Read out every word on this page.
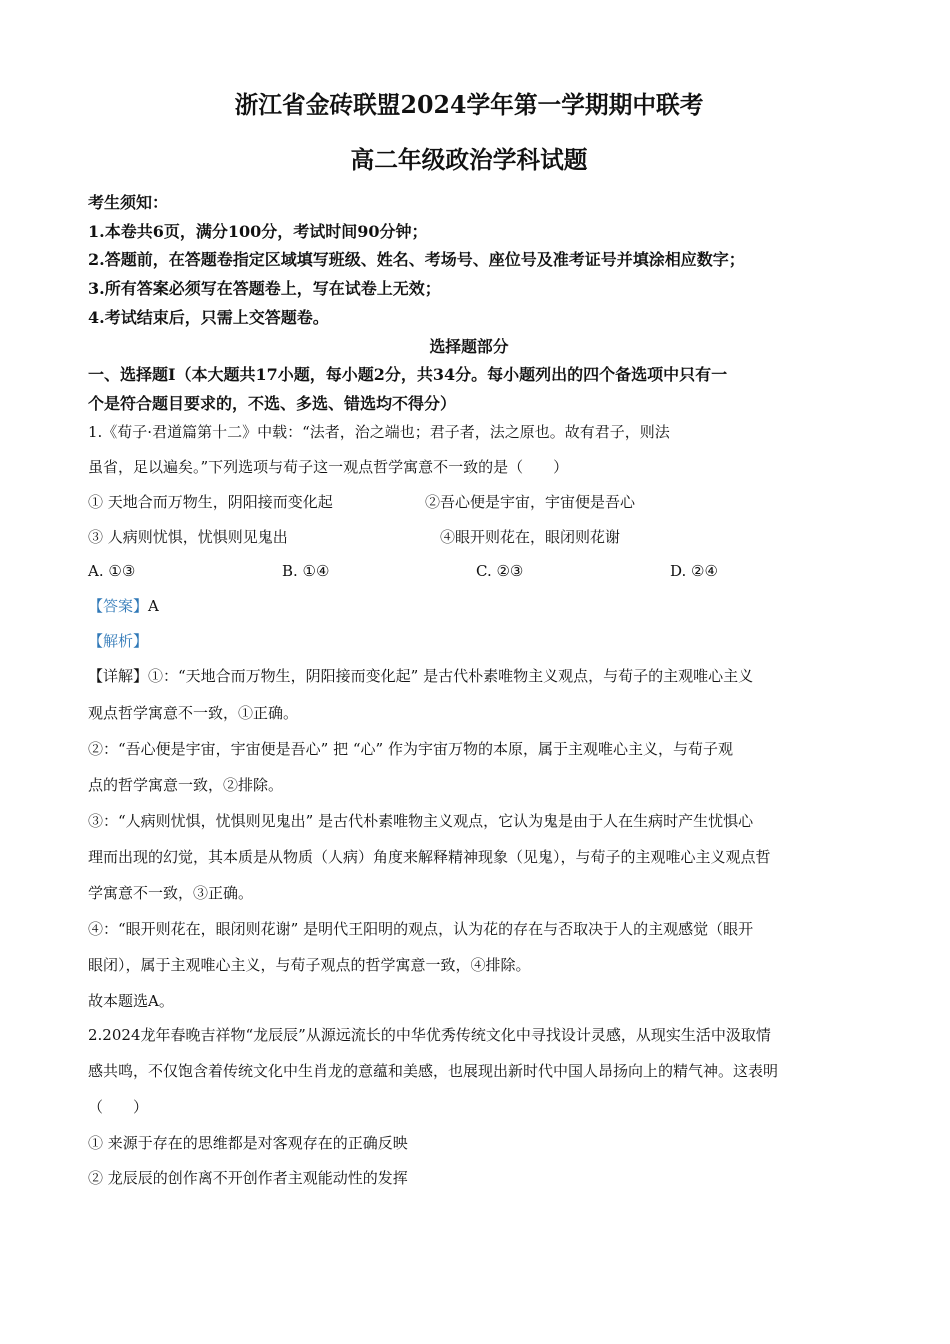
浙江省金砖联盟2024学年第一学期期中联考
高二年级政治学科试题
考生须知：
1.本卷共6页，满分100分，考试时间90分钟；
2.答题前，在答题卷指定区域填写班级、姓名、考场号、座位号及准考证号并填涂相应数字；
3.所有答案必须写在答题卷上，写在试卷上无效；
4.考试结束后，只需上交答题卷。
选择题部分
一、选择题Ⅰ（本大题共17小题，每小题2分，共34分。每小题列出的四个备选项中只有一
个是符合题目要求的，不选、多选、错选均不得分）
1.《荀子·君道篇第十二》中载：“法者，治之端也；君子者，法之原也。故有君子，则法
虽省，足以遍矣。”下列选项与荀子这一观点哲学寓意不一致的是（　　）
① 天地合而万物生，阴阳接而变化起	②吾心便是宇宙，宇宙便是吾心
③ 人病则忧惧，忧惧则见鬼出	④眼开则花在，眼闭则花谢
A. ①③	B. ①④	C. ②③	D. ②④
【答案】A
【解析】
【详解】①：“天地合而万物生，阴阳接而变化起” 是古代朴素唯物主义观点，与荀子的主观唯心主义
观点哲学寓意不一致，①正确。
②：“吾心便是宇宙，宇宙便是吾心” 把 “心” 作为宇宙万物的本原，属于主观唯心主义，与荀子观
点的哲学寓意一致，②排除。
③：“人病则忧惧，忧惧则见鬼出” 是古代朴素唯物主义观点，它认为鬼是由于人在生病时产生忧惧心
理而出现的幻觉，其本质是从物质（人病）角度来解释精神现象（见鬼），与荀子的主观唯心主义观点哲
学寓意不一致，③正确。
④：“眼开则花在，眼闭则花谢” 是明代王阳明的观点，认为花的存在与否取决于人的主观感觉（眼开
眼闭），属于主观唯心主义，与荀子观点的哲学寓意一致，④排除。
故本题选A。
2.2024龙年春晚吉祥物“龙辰辰”从源远流长的中华优秀传统文化中寻找设计灵感，从现实生活中汲取情
感共鸣，不仅饱含着传统文化中生肖龙的意蕴和美感，也展现出新时代中国人昂扬向上的精气神。这表明
（　　）
① 来源于存在的思维都是对客观存在的正确反映
② 龙辰辰的创作离不开创作者主观能动性的发挥
